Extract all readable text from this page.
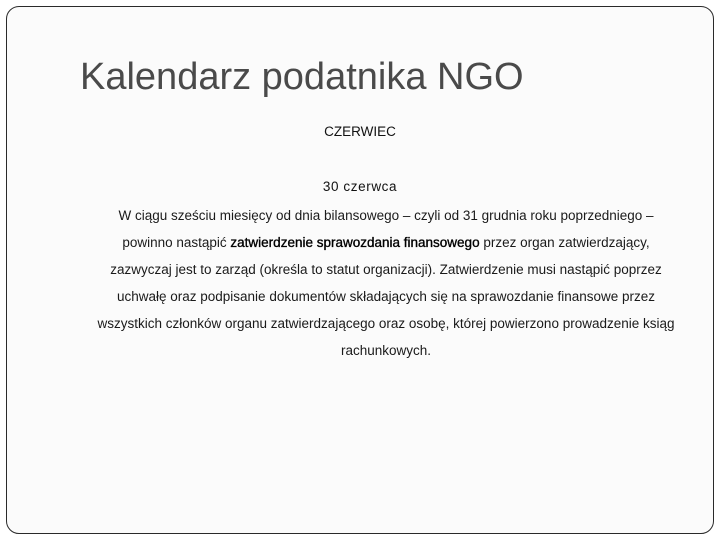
Kalendarz podatnika NGO
CZERWIEC
30 czerwca

W ciągu sześciu miesięcy od dnia bilansowego – czyli od 31 grudnia roku poprzedniego – powinno nastąpić zatwierdzenie sprawozdania finansowego przez organ zatwierdzający, zazwyczaj jest to zarząd (określa to statut organizacji). Zatwierdzenie musi nastąpić poprzez uchwałę oraz podpisanie dokumentów składających się na sprawozdanie finansowe przez wszystkich członków organu zatwierdzającego oraz osobę, której powierzono prowadzenie ksiąg rachunkowych.
